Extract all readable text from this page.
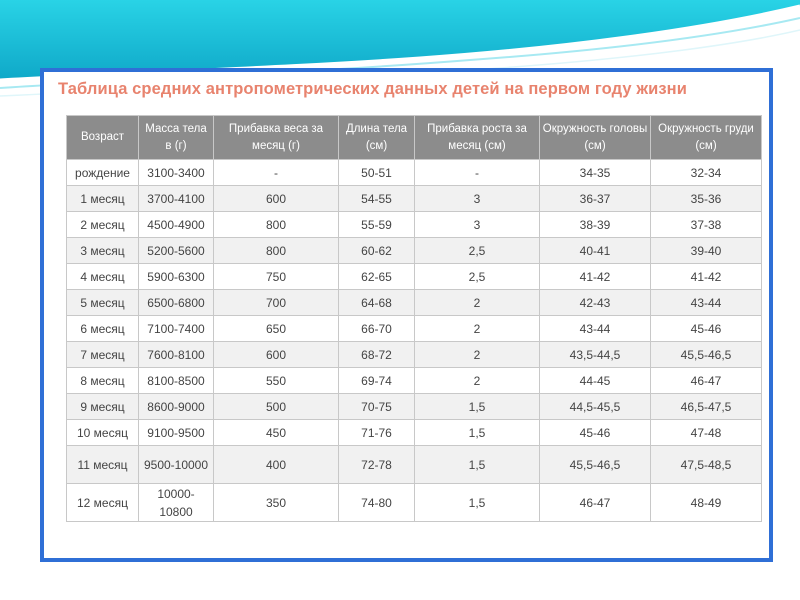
Таблица средних антропометрических данных детей на первом году жизни
Возраст	Масса тела в (г)	Прибавка веса за месяц (г)	Длина тела (см)	Прибавка роста за месяц (см)	Окружность головы (см)	Окружность груди (см)
рождение	3100-3400	-	50-51	-	34-35	32-34
1 месяц	3700-4100	600	54-55	3	36-37	35-36
2 месяц	4500-4900	800	55-59	3	38-39	37-38
3 месяц	5200-5600	800	60-62	2,5	40-41	39-40
4 месяц	5900-6300	750	62-65	2,5	41-42	41-42
5 месяц	6500-6800	700	64-68	2	42-43	43-44
6 месяц	7100-7400	650	66-70	2	43-44	45-46
7 месяц	7600-8100	600	68-72	2	43,5-44,5	45,5-46,5
8 месяц	8100-8500	550	69-74	2	44-45	46-47
9 месяц	8600-9000	500	70-75	1,5	44,5-45,5	46,5-47,5
10 месяц	9100-9500	450	71-76	1,5	45-46	47-48
11 месяц	9500-10000	400	72-78	1,5	45,5-46,5	47,5-48,5
12 месяц	10000-10800	350	74-80	1,5	46-47	48-49
